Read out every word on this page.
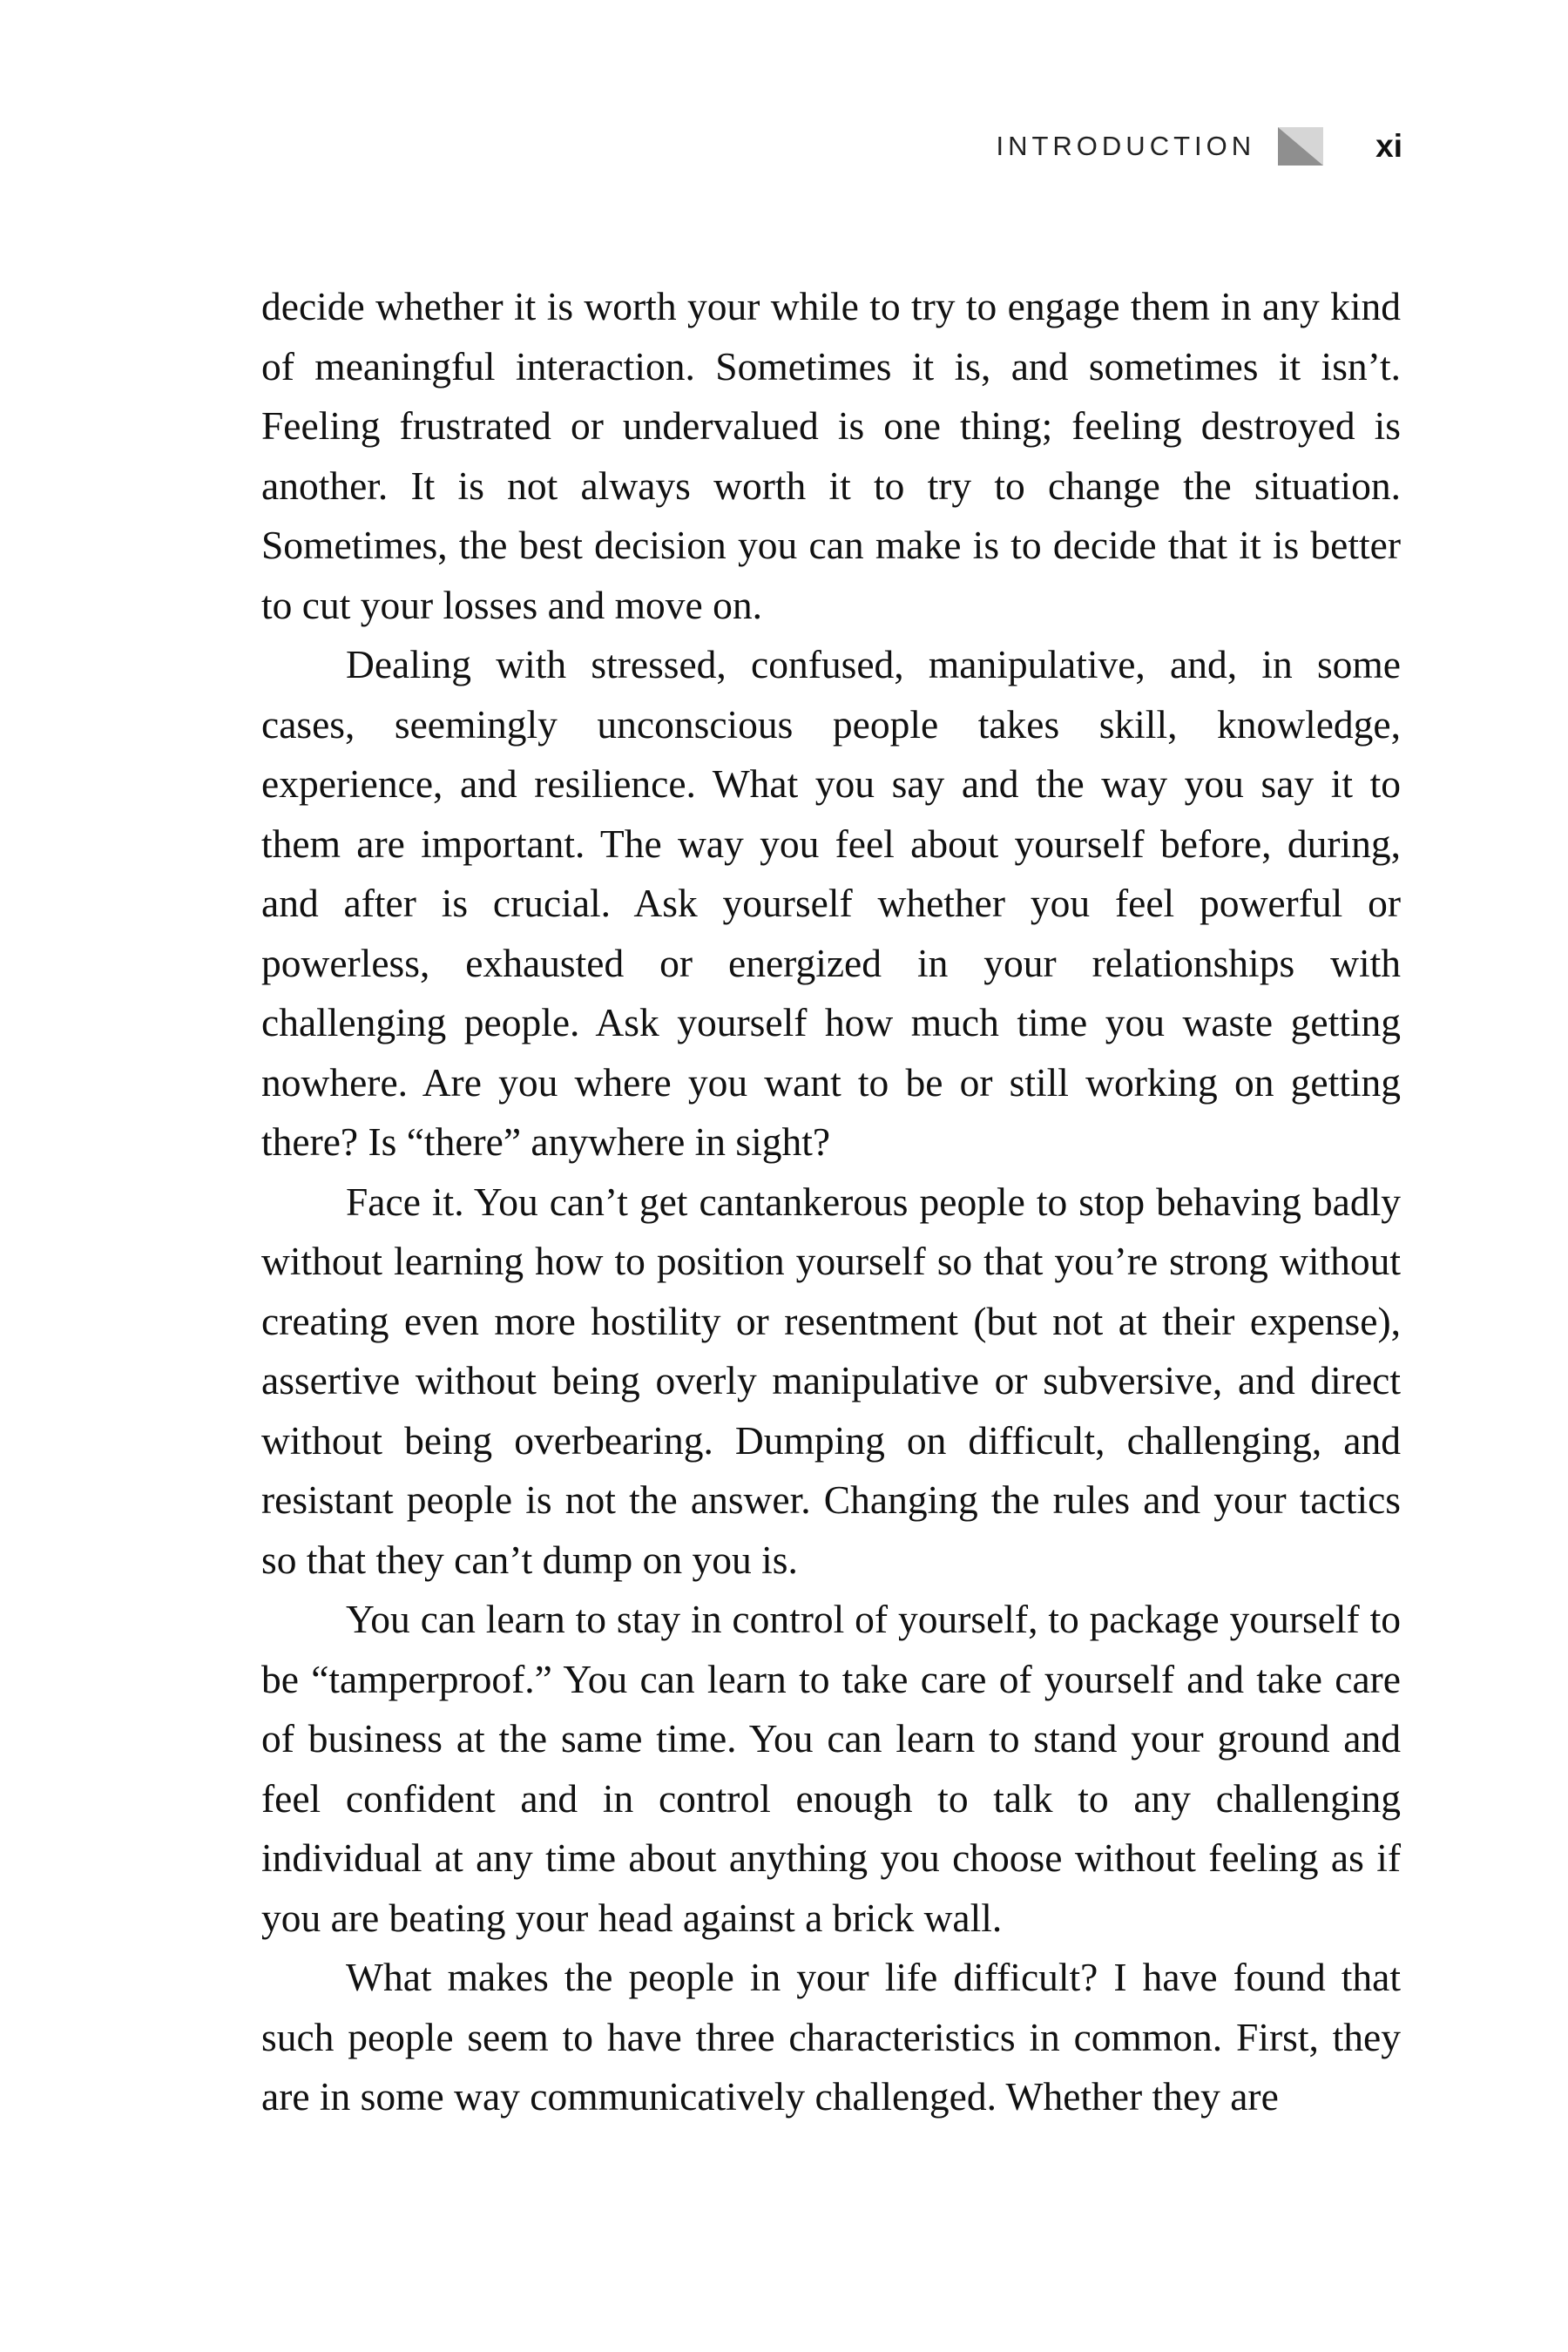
INTRODUCTION	xi

decide whether it is worth your while to try to engage them in any kind of meaningful interaction. Sometimes it is, and sometimes it isn’t. Feeling frustrated or undervalued is one thing; feeling destroyed is another. It is not always worth it to try to change the situation. Sometimes, the best decision you can make is to decide that it is better to cut your losses and move on.

Dealing with stressed, confused, manipulative, and, in some cases, seemingly unconscious people takes skill, knowledge, experience, and resilience. What you say and the way you say it to them are important. The way you feel about yourself before, during, and after is crucial. Ask yourself whether you feel powerful or powerless, exhausted or energized in your relationships with challenging people. Ask yourself how much time you waste getting nowhere. Are you where you want to be or still working on getting there? Is “there” anywhere in sight?

Face it. You can’t get cantankerous people to stop behaving badly without learning how to position yourself so that you’re strong without creating even more hostility or resentment (but not at their expense), assertive without being overly manipulative or subversive, and direct without being overbearing. Dumping on difficult, challenging, and resistant people is not the answer. Changing the rules and your tactics so that they can’t dump on you is.

You can learn to stay in control of yourself, to package yourself to be “tamperproof.” You can learn to take care of yourself and take care of business at the same time. You can learn to stand your ground and feel confident and in control enough to talk to any challenging individual at any time about anything you choose without feeling as if you are beating your head against a brick wall.

What makes the people in your life difficult? I have found that such people seem to have three characteristics in common. First, they are in some way communicatively challenged. Whether they are
